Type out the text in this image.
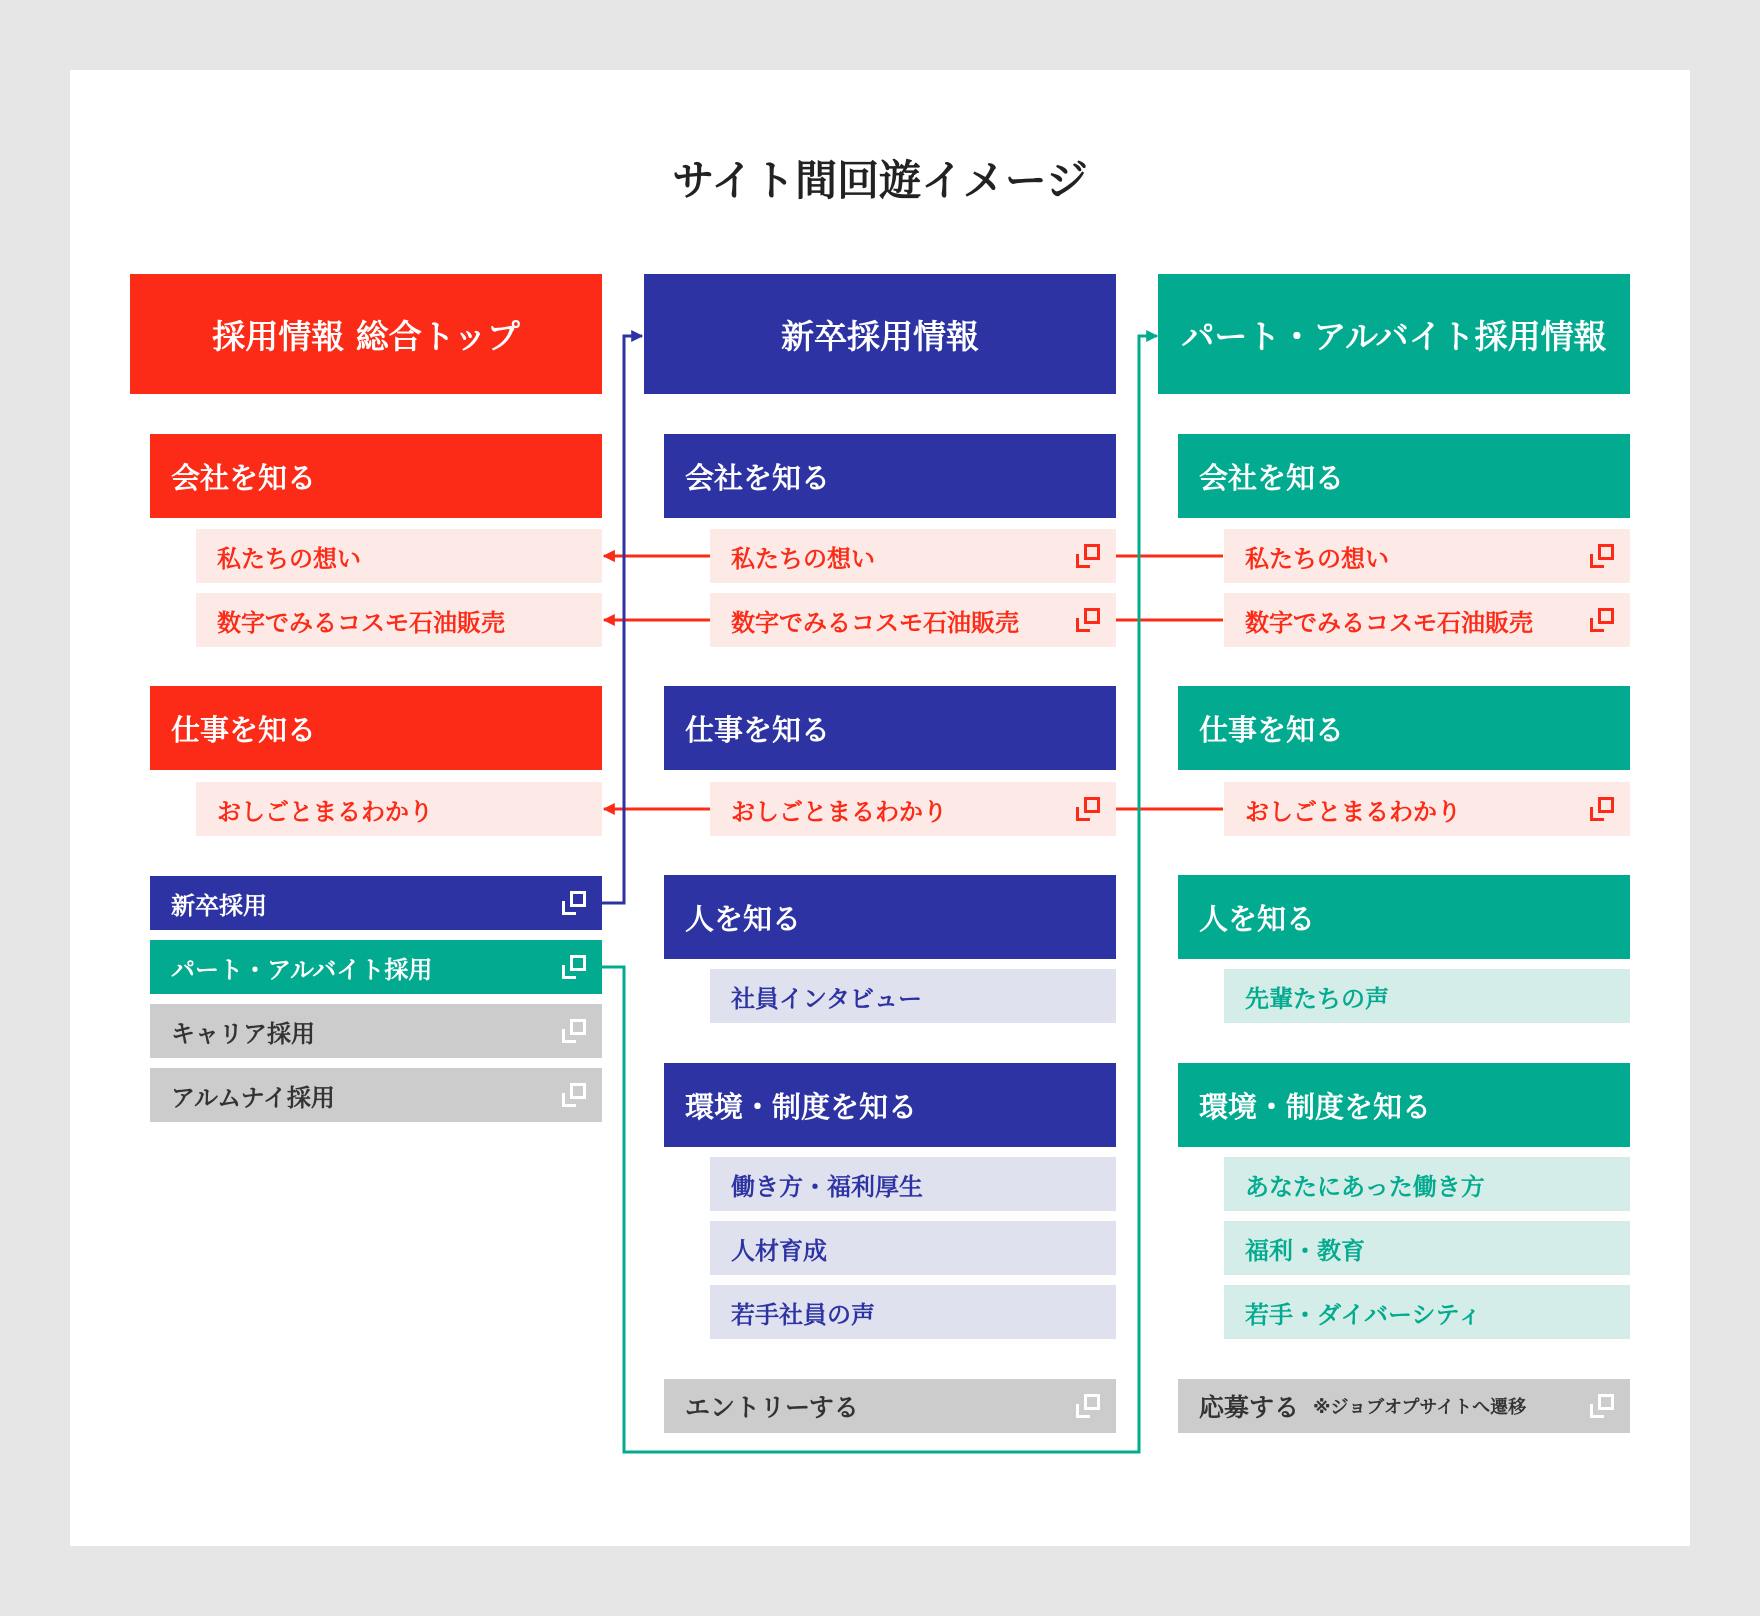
サイト間回遊イメージ
採用情報 総合トップ
会社を知る
私たちの想い
数字でみるコスモ石油販売
仕事を知る
おしごとまるわかり
新卒採用
パート・アルバイト採用
キャリア採用
アルムナイ採用
新卒採用情報
会社を知る
私たちの想い
数字でみるコスモ石油販売
仕事を知る
おしごとまるわかり
人を知る
社員インタビュー
環境・制度を知る
働き方・福利厚生
人材育成
若手社員の声
エントリーする
パート・アルバイト採用情報
会社を知る
私たちの想い
数字でみるコスモ石油販売
仕事を知る
おしごとまるわかり
人を知る
先輩たちの声
環境・制度を知る
あなたにあった働き方
福利・教育
若手・ダイバーシティ
応募する ※ジョブオプサイトへ遷移
